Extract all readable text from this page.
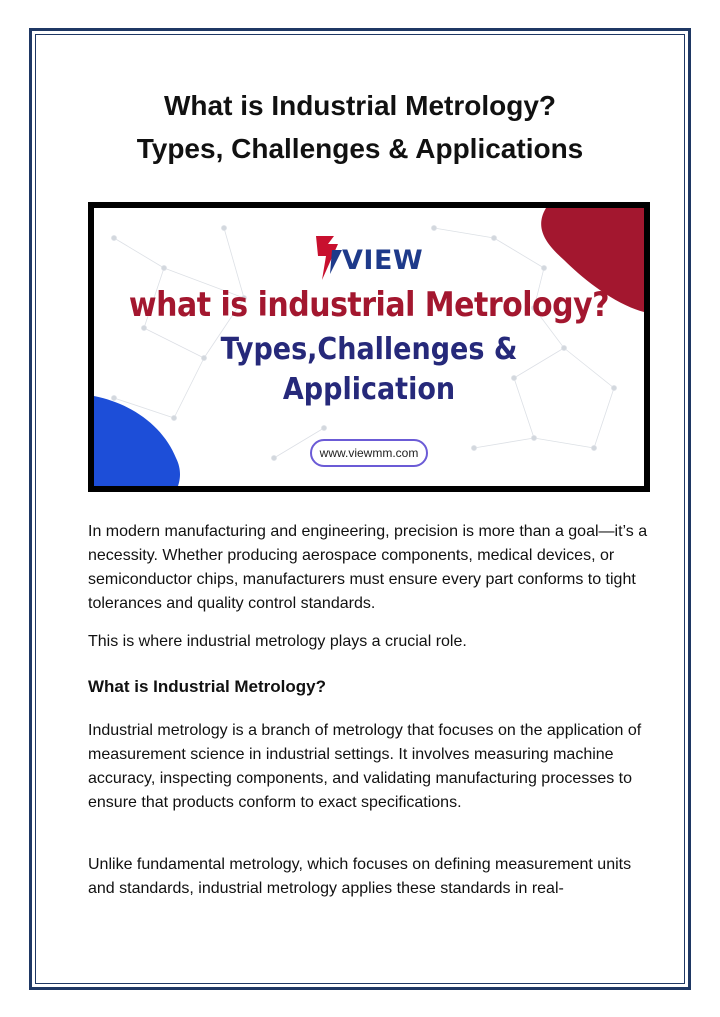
What is Industrial Metrology?
Types, Challenges & Applications
VIEW
what is industrial Metrology?
Types,Challenges &
Application
www.viewmm.com

In modern manufacturing and engineering, precision is more than a goal—it’s a necessity. Whether producing aerospace components, medical devices, or semiconductor chips, manufacturers must ensure every part conforms to tight tolerances and quality control standards.

This is where industrial metrology plays a crucial role.

What is Industrial Metrology?

Industrial metrology is a branch of metrology that focuses on the application of measurement science in industrial settings. It involves measuring machine accuracy, inspecting components, and validating manufacturing processes to ensure that products conform to exact specifications.

Unlike fundamental metrology, which focuses on defining measurement units and standards, industrial metrology applies these standards in real-
